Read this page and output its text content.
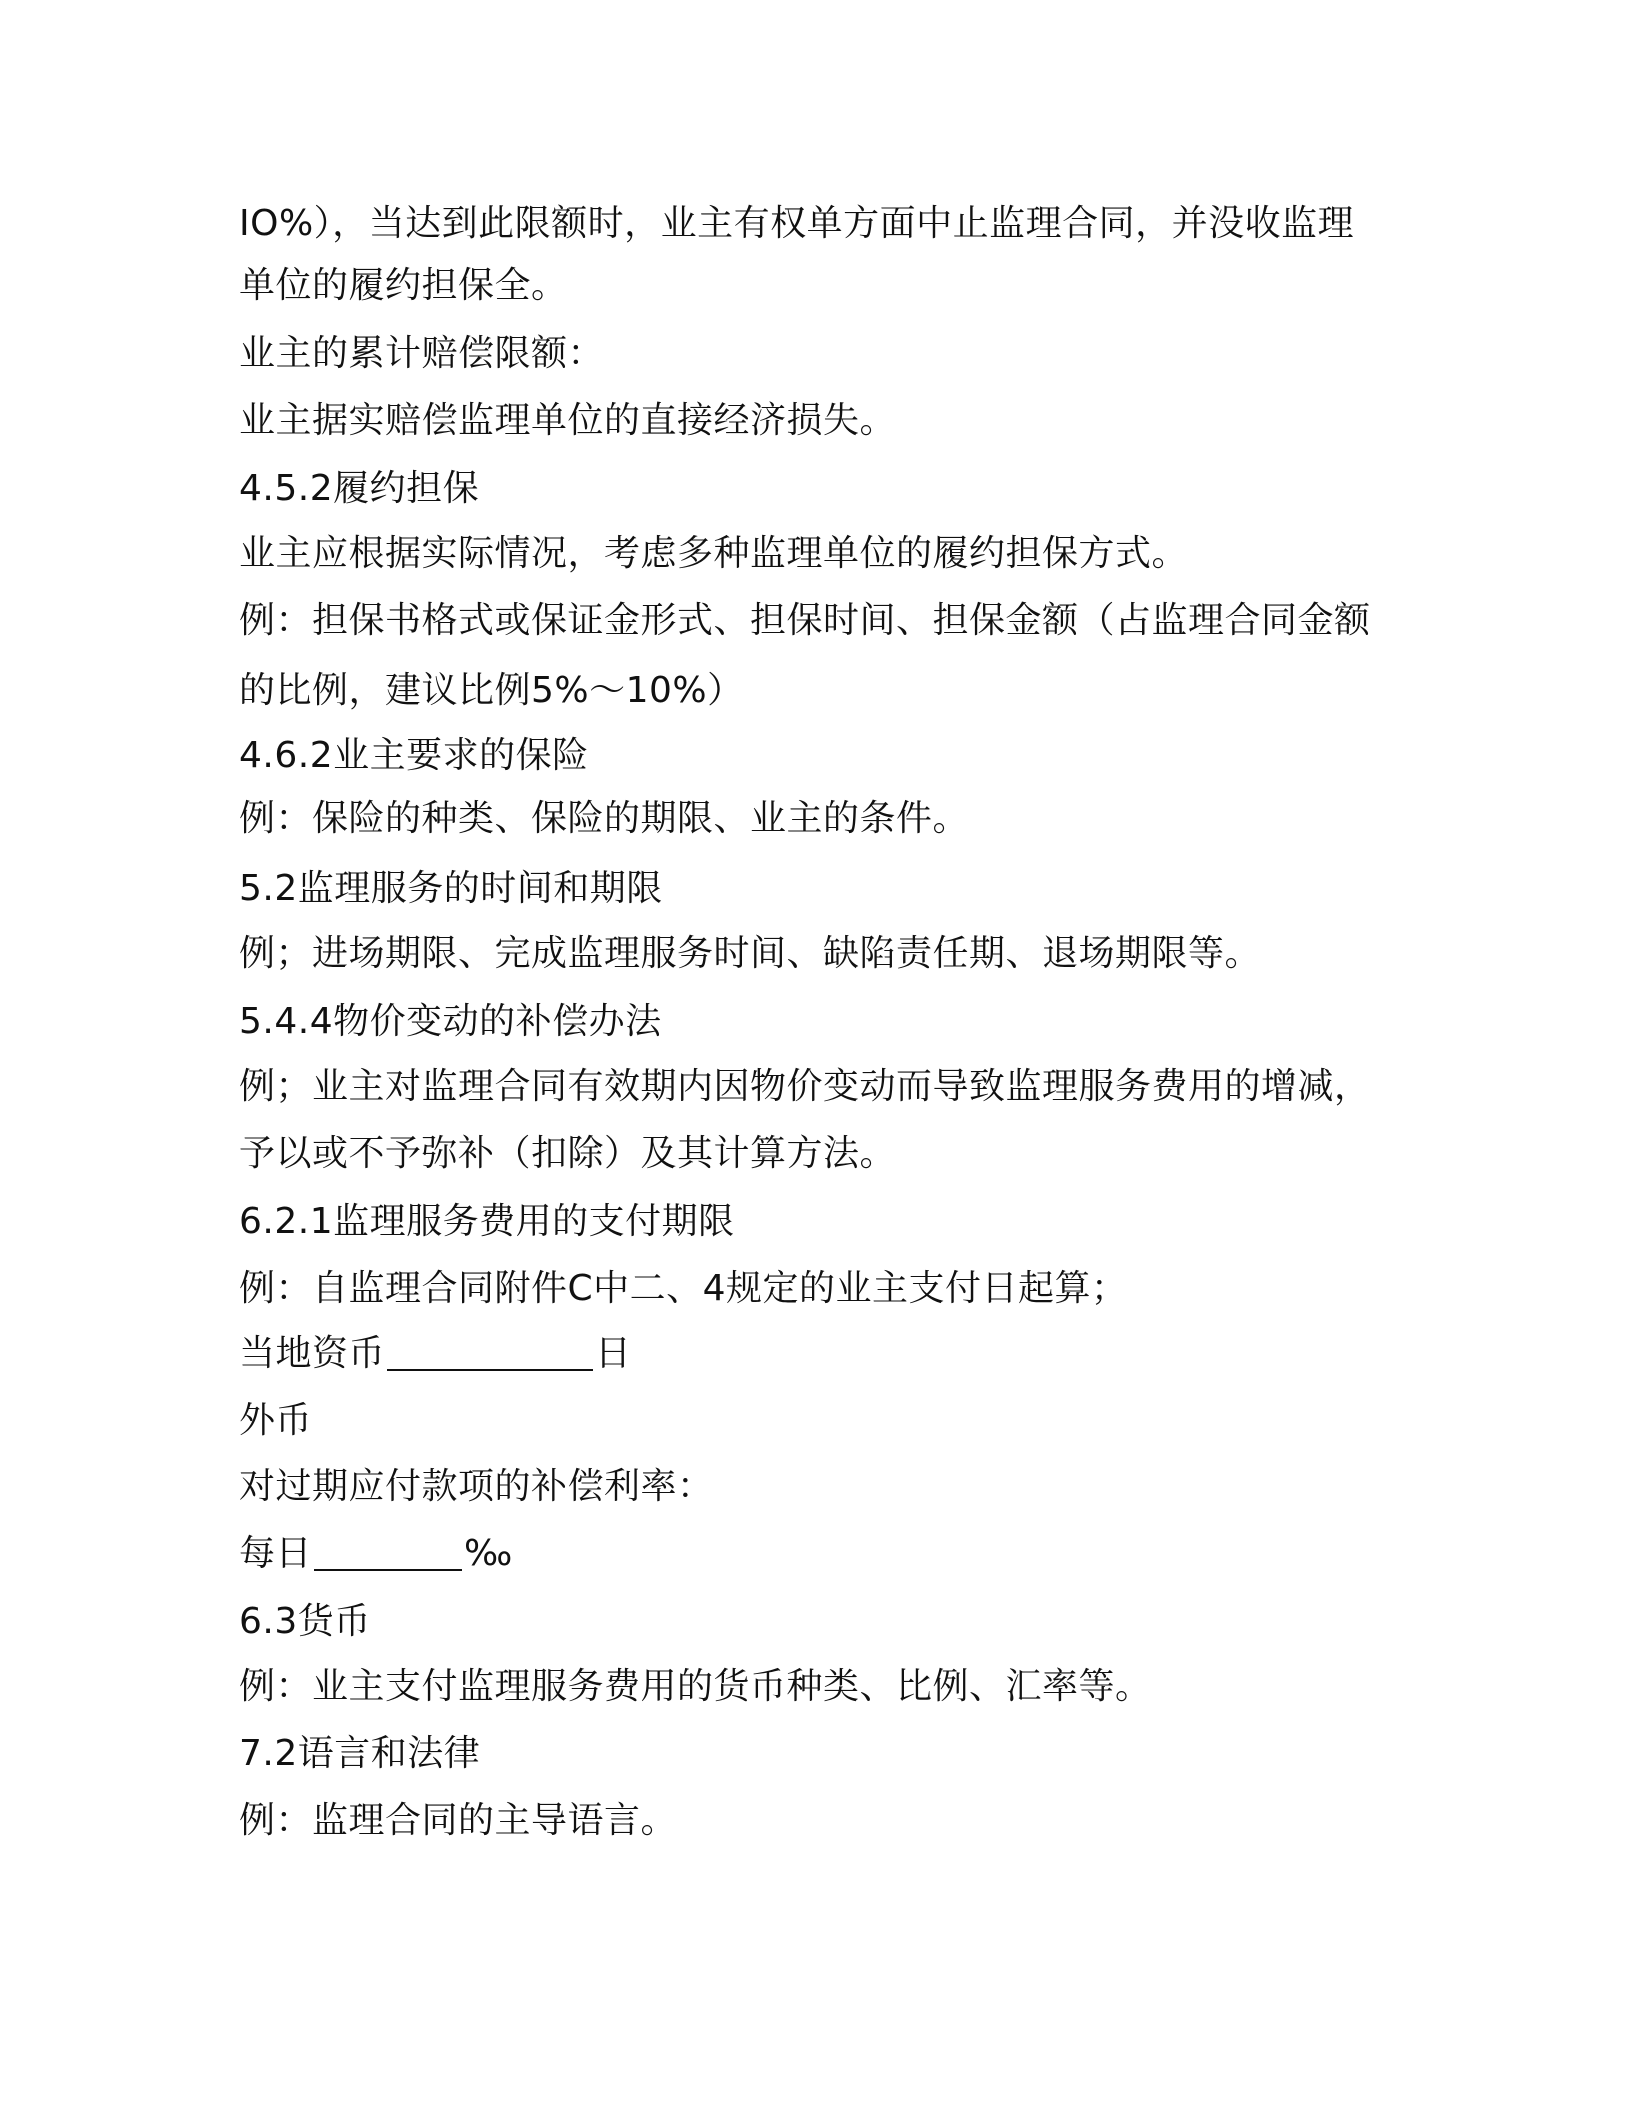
IO%），当达到此限额时，业主有权单方面中止监理合同，并没收监理
单位的履约担保全。
业主的累计赔偿限额：
业主据实赔偿监理单位的直接经济损失。
4.5.2履约担保
业主应根据实际情况，考虑多种监理单位的履约担保方式。
例：担保书格式或保证金形式、担保时间、担保金额（占监理合同金额
的比例，建议比例5%～10%）
4.6.2业主要求的保险
例：保险的种类、保险的期限、业主的条件。
5.2监理服务的时间和期限
例；进场期限、完成监理服务时间、缺陷责任期、退场期限等。
5.4.4物价变动的补偿办法
例；业主对监理合同有效期内因物价变动而导致监理服务费用的增减，
予以或不予弥补（扣除）及其计算方法。
6.2.1监理服务费用的支付期限
例：自监理合同附件C中二、4规定的业主支付日起算；
当地资币	日
外币
对过期应付款项的补偿利率：
每日	‰
6.3货币
例：业主支付监理服务费用的货币种类、比例、汇率等。
7.2语言和法律
例：监理合同的主导语言。
